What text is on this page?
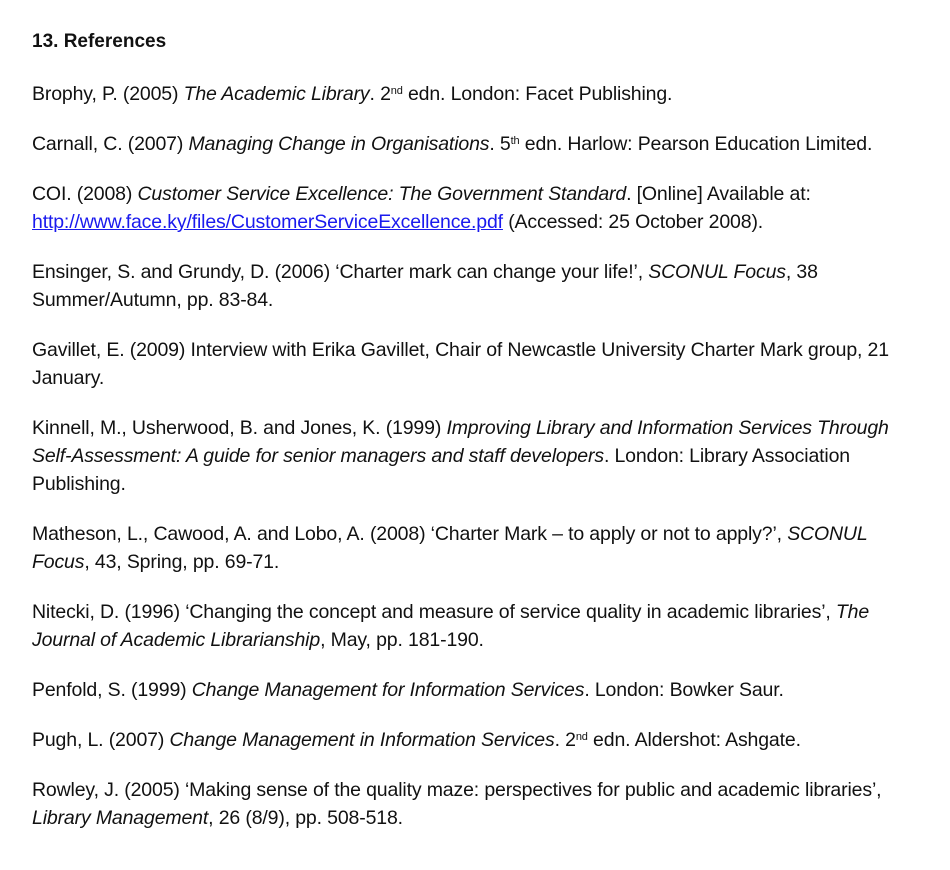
13. References

Brophy, P. (2005) The Academic Library. 2nd edn. London: Facet Publishing.

Carnall, C. (2007) Managing Change in Organisations. 5th edn. Harlow: Pearson Education Limited.

COI. (2008) Customer Service Excellence: The Government Standard. [Online] Available at: http://www.face.ky/files/CustomerServiceExcellence.pdf (Accessed: 25 October 2008).

Ensinger, S. and Grundy, D. (2006) ‘Charter mark can change your life!’, SCONUL Focus, 38 Summer/Autumn, pp. 83-84.

Gavillet, E. (2009) Interview with Erika Gavillet, Chair of Newcastle University Charter Mark group, 21 January.

Kinnell, M., Usherwood, B. and Jones, K. (1999) Improving Library and Information Services Through Self-Assessment: A guide for senior managers and staff developers. London: Library Association Publishing.

Matheson, L., Cawood, A. and Lobo, A. (2008) ‘Charter Mark – to apply or not to apply?’, SCONUL Focus, 43, Spring, pp. 69-71.

Nitecki, D. (1996) ‘Changing the concept and measure of service quality in academic libraries’, The Journal of Academic Librarianship, May, pp. 181-190.

Penfold, S. (1999) Change Management for Information Services. London: Bowker Saur.

Pugh, L. (2007) Change Management in Information Services. 2nd edn. Aldershot: Ashgate.

Rowley, J. (2005) ‘Making sense of the quality maze: perspectives for public and academic libraries’, Library Management, 26 (8/9), pp. 508-518.
